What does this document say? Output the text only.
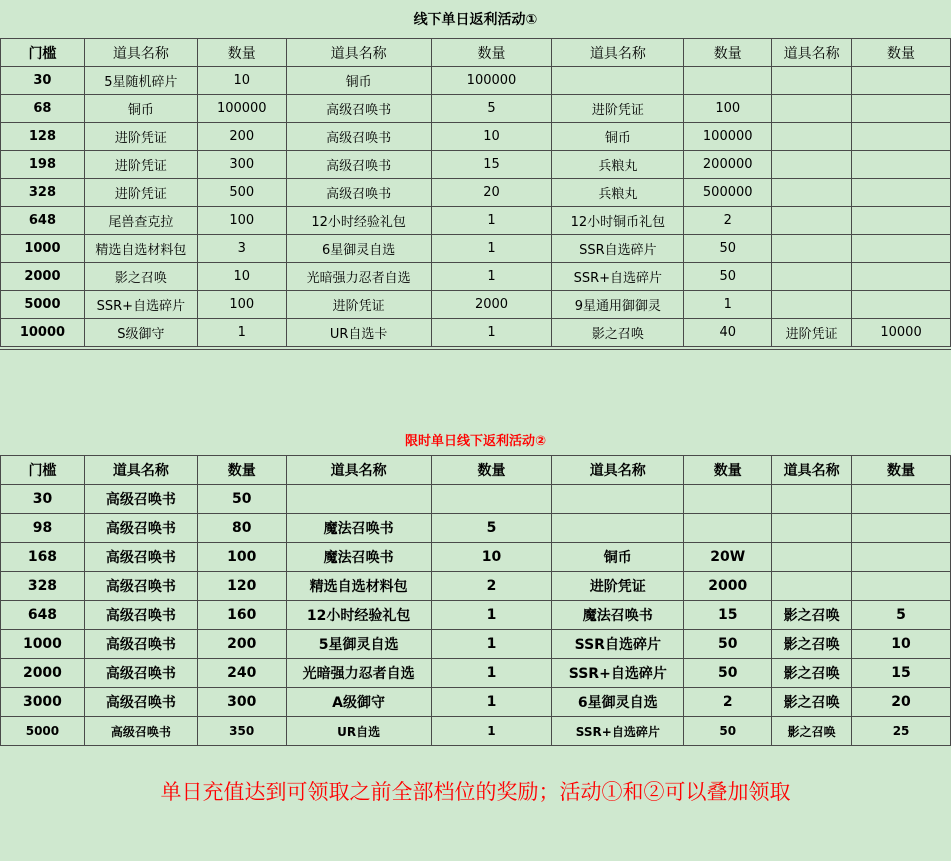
线下单日返利活动①								
门槛	道具名称	数量	道具名称	数量	道具名称	数量	道具名称	数量
30	5星随机碎片	10	铜币	100000				
68	铜币	100000	高级召唤书	5	进阶凭证	100		
128	进阶凭证	200	高级召唤书	10	铜币	100000		
198	进阶凭证	300	高级召唤书	15	兵粮丸	200000		
328	进阶凭证	500	高级召唤书	20	兵粮丸	500000		
648	尾兽查克拉	100	12小时经验礼包	1	12小时铜币礼包	2		
1000	精选自选材料包	3	6星御灵自选	1	SSR自选碎片	50		
2000	影之召唤	10	光暗强力忍者自选	1	SSR+自选碎片	50		
5000	SSR+自选碎片	100	进阶凭证	2000	9星通用御御灵	1		
10000	S级御守	1	UR自选卡	1	影之召唤	40	进阶凭证	10000
限时单日线下返利活动②								
门槛	道具名称	数量	道具名称	数量	道具名称	数量	道具名称	数量
30	高级召唤书	50						
98	高级召唤书	80	魔法召唤书	5				
168	高级召唤书	100	魔法召唤书	10	铜币	20W		
328	高级召唤书	120	精选自选材料包	2	进阶凭证	2000		
648	高级召唤书	160	12小时经验礼包	1	魔法召唤书	15	影之召唤	5
1000	高级召唤书	200	5星御灵自选	1	SSR自选碎片	50	影之召唤	10
2000	高级召唤书	240	光暗强力忍者自选	1	SSR+自选碎片	50	影之召唤	15
3000	高级召唤书	300	A级御守	1	6星御灵自选	2	影之召唤	20
5000	高级召唤书	350	UR自选	1	SSR+自选碎片	50	影之召唤	25
单日充值达到可领取之前全部档位的奖励；活动①和②可以叠加领取
